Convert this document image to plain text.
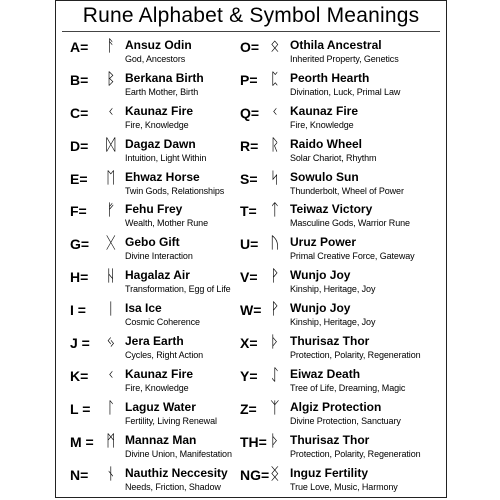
Rune Alphabet & Symbol Meanings
A=	ᚨ Ansuz Odin
God, Ancestors
B=	ᛒ Berkana Birth
Earth Mother, Birth
C=	ᚲ Kaunaz Fire
Fire, Knowledge
D=	ᛞ Dagaz Dawn
Intuition, Light Within
E=	ᛖ Ehwaz Horse
Twin Gods, Relationships
F=	ᚠ Fehu Frey
Wealth, Mother Rune
G=	ᚷ Gebo Gift
Divine Interaction
H=	ᚺ Hagalaz Air
Transformation, Egg of Life
I =	ᛁ Isa Ice
Cosmic Coherence
J =	ᛃ Jera Earth
Cycles, Right Action
K=	ᚲ Kaunaz Fire
Fire, Knowledge
L = ᛚ Laguz Water
Fertility, Living Renewal
M = ᛗ Mannaz Man
Divine Union, Manifestation
N=	ᚾ Nauthiz Neccesity
Needs, Friction, Shadow
O= ᛟ Othila Ancestral
Inherited Property, Genetics
P= ᛈ Peorth Hearth
Divination, Luck, Primal Law
Q= ᚲ Kaunaz Fire
Fire, Knowledge
R= ᚱ Raido Wheel
Solar Chariot, Rhythm
S= ᛋ Sowulo Sun
Thunderbolt, Wheel of Power
T= ᛏ Teiwaz Victory
Masculine Gods, Warrior Rune
U= ᚢ Uruz Power
Primal Creative Force, Gateway
V= ᚹ Wunjo Joy
Kinship, Heritage, Joy
W= ᚹ Wunjo Joy
Kinship, Heritage, Joy
X= ᚦ Thurisaz Thor
Protection, Polarity, Regeneration
Y= ᛇ Eiwaz Death
Tree of Life, Dreaming, Magic
Z= ᛉ Algiz Protection
Divine Protection, Sanctuary
TH= ᚦ Thurisaz Thor
Protection, Polarity, Regeneration
NG= ᛝ Inguz Fertility
True Love, Music, Harmony
